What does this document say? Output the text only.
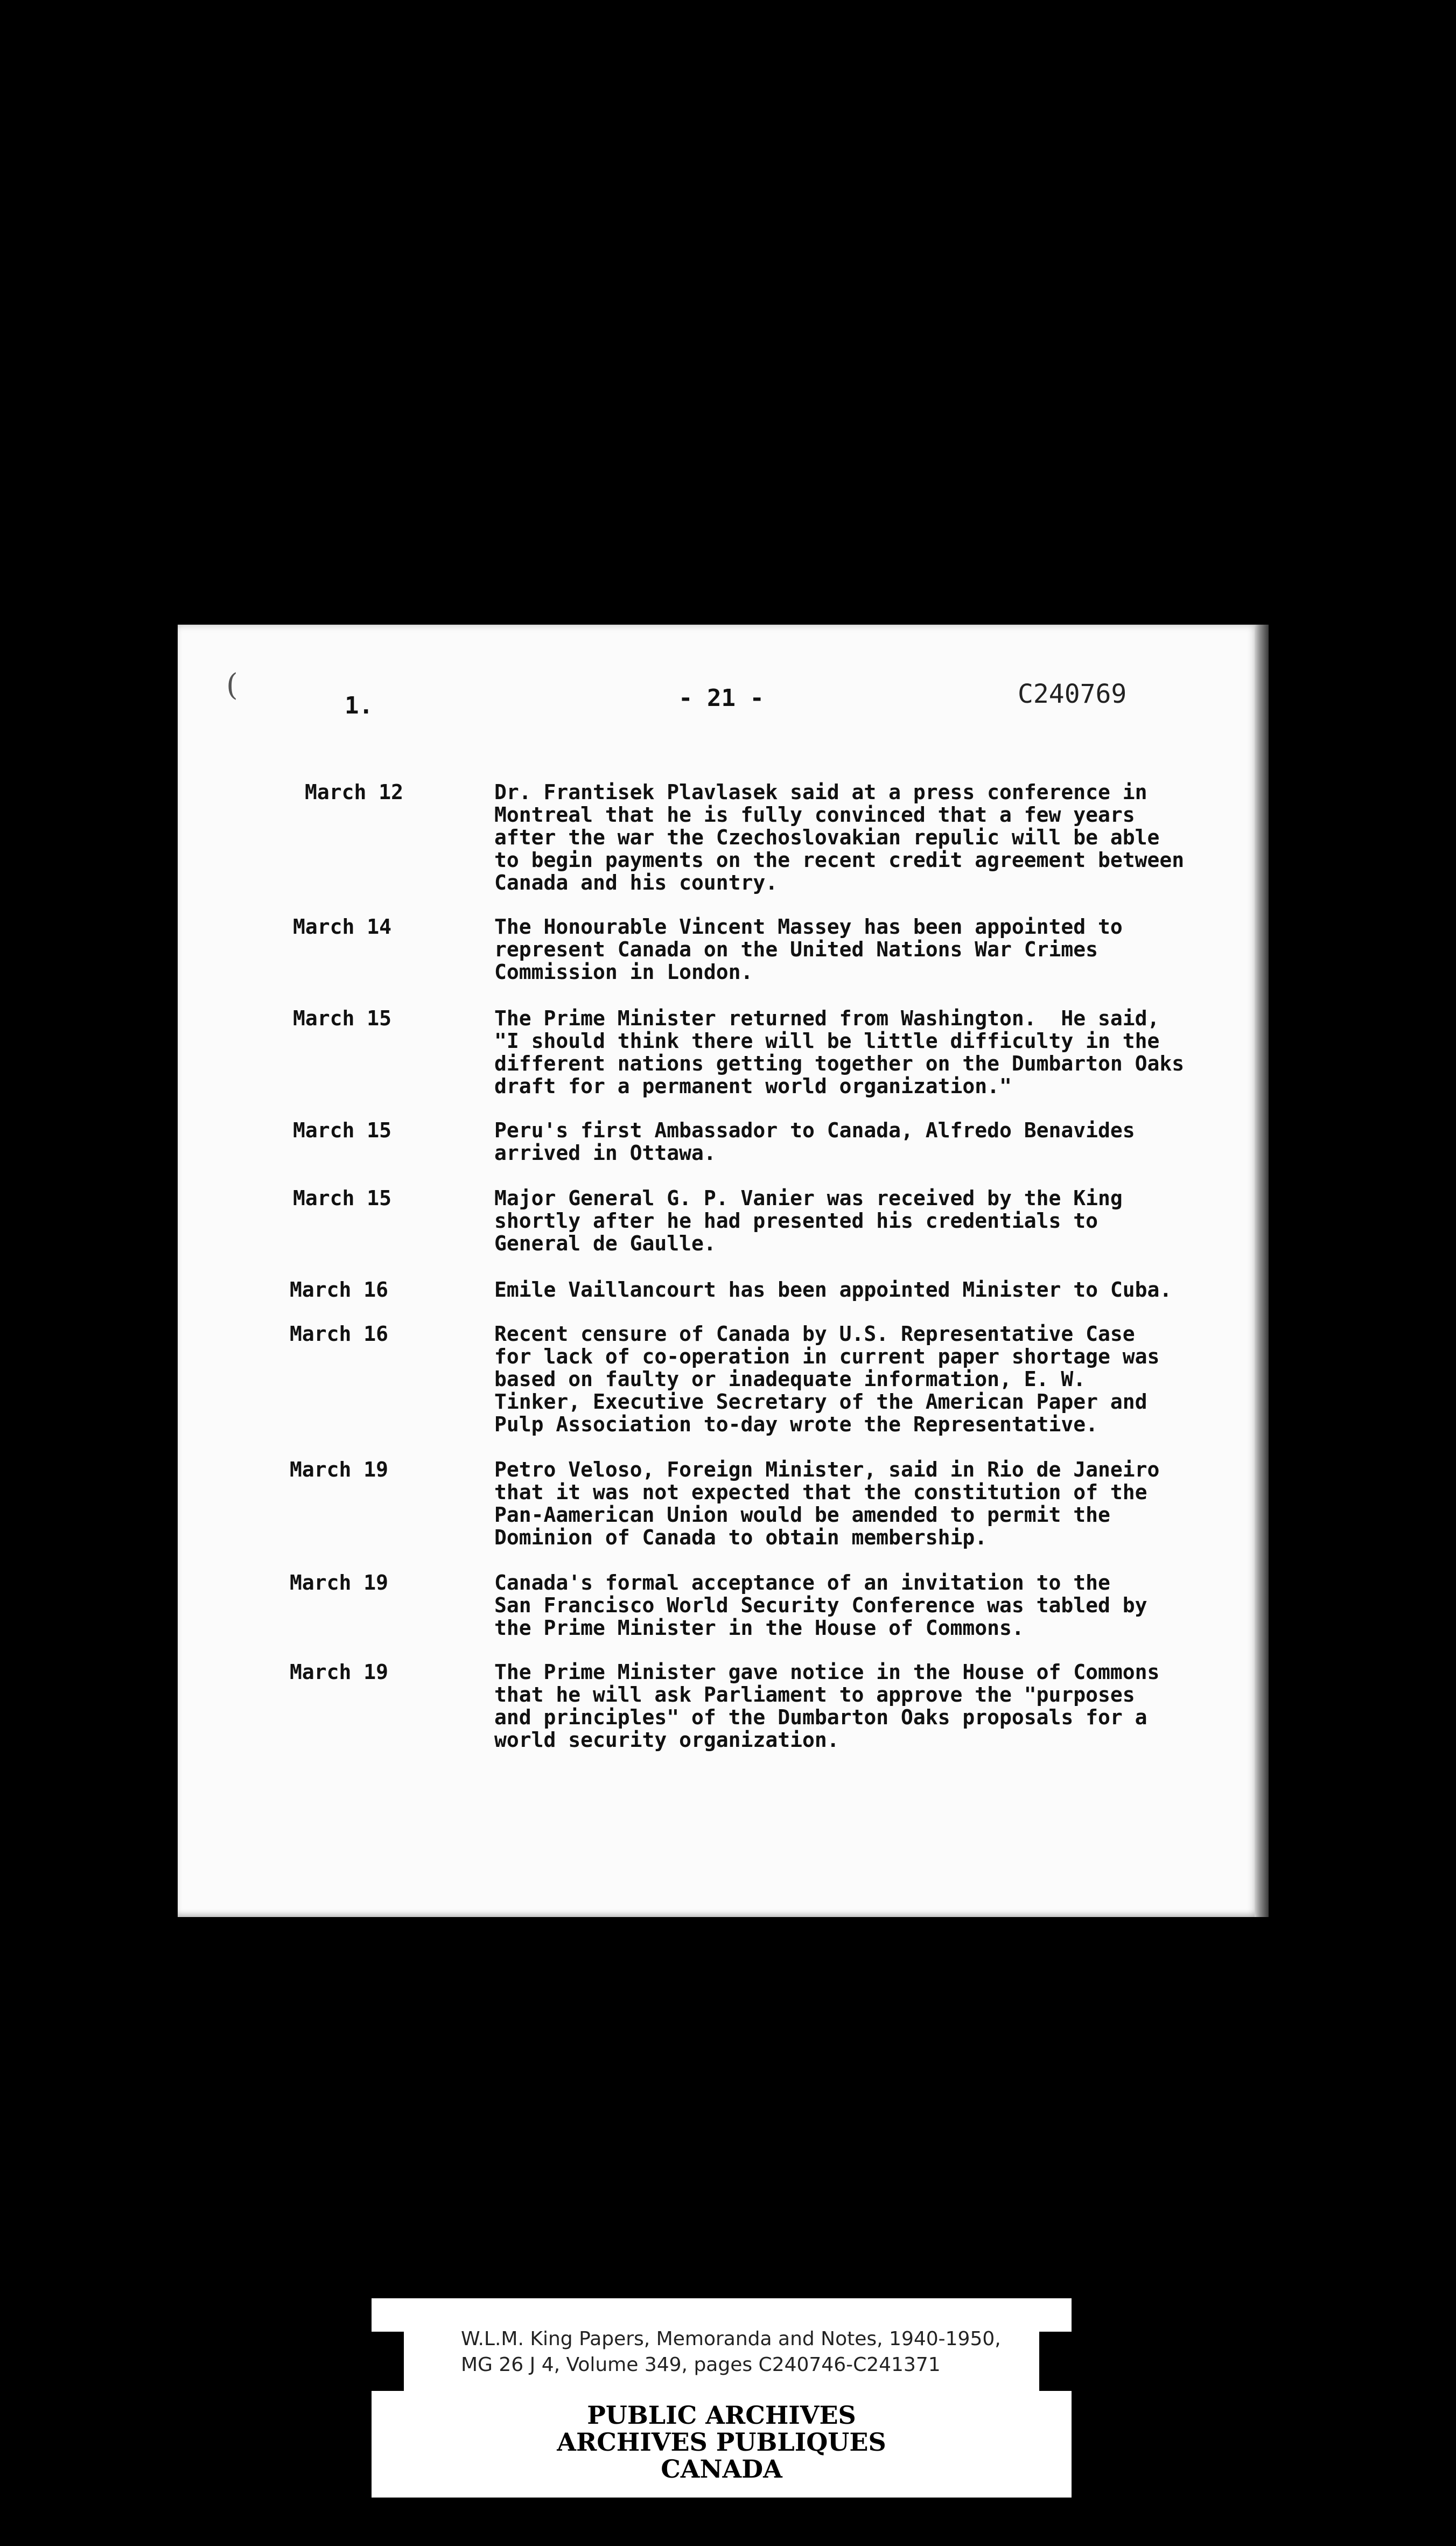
(
1.	- 21 -	C240769
March 12	Dr. Frantisek Plavlasek said at a press conference in
Montreal that he is fully convinced that a few years
after the war the Czechoslovakian repulic will be able
to begin payments on the recent credit agreement between
Canada and his country.
March 14	The Honourable Vincent Massey has been appointed to
represent Canada on the United Nations War Crimes
Commission in London.
March 15	The Prime Minister returned from Washington.  He said,
"I should think there will be little difficulty in the
different nations getting together on the Dumbarton Oaks
draft for a permanent world organization."
March 15	Peru's first Ambassador to Canada, Alfredo Benavides
arrived in Ottawa.
March 15	Major General G. P. Vanier was received by the King
shortly after he had presented his credentials to
General de Gaulle.
March 16	Emile Vaillancourt has been appointed Minister to Cuba.
March 16	Recent censure of Canada by U.S. Representative Case
for lack of co-operation in current paper shortage was
based on faulty or inadequate information, E. W.
Tinker, Executive Secretary of the American Paper and
Pulp Association to-day wrote the Representative.
March 19	Petro Veloso, Foreign Minister, said in Rio de Janeiro
that it was not expected that the constitution of the
Pan-Aamerican Union would be amended to permit the
Dominion of Canada to obtain membership.
March 19	Canada's formal acceptance of an invitation to the
San Francisco World Security Conference was tabled by
the Prime Minister in the House of Commons.
March 19	The Prime Minister gave notice in the House of Commons
that he will ask Parliament to approve the "purposes
and principles" of the Dumbarton Oaks proposals for a
world security organization.
W.L.M. King Papers, Memoranda and Notes, 1940-1950,
MG 26 J 4, Volume 349, pages C240746-C241371
PUBLIC ARCHIVES
ARCHIVES PUBLIQUES
CANADA
